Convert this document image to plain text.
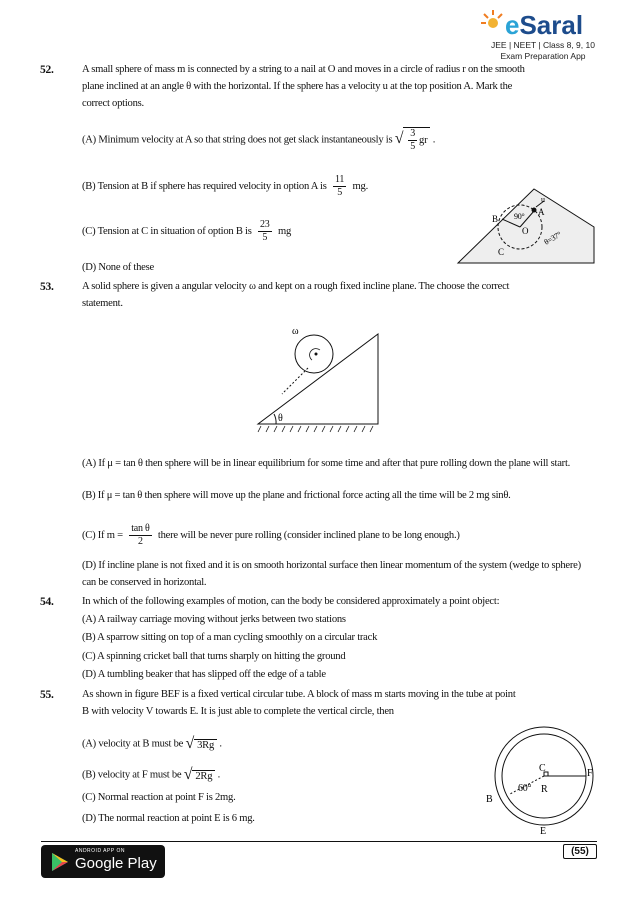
eSaral
JEE | NEET | Class 8, 9, 10
Exam Preparation App
52.	A small sphere of mass m is connected by a string to a nail at O and moves in a circle of radius r on the smooth
plane inclined at an angle θ with the horizontal. If the sphere has a velocity u at the top position A. Mark the
correct options.
(A) Minimum velocity at A so that string does not get slack instantaneously is √ $\frac{3}{5}$ gr .
(B) Tension at B if sphere has required velocity in option A is $\frac{11}{5}$ mg.
(C) Tension at C in situation of option B is $\frac{23}{5}$ mg
(D) None of these
u
A
B 90°
O
C
θ=37°
53.	A solid sphere is given a angular velocity ω and kept on a rough fixed incline plane. The choose the correct
statement.
ω
θ
(A) If μ = tan θ then sphere will be in linear equilibrium for some time and after that pure rolling down the plane will start.
(B) If μ = tan θ then sphere will move up the plane and frictional force acting all the time will be 2 mg sinθ.
(C) If $m = \frac{\text{tan θ}}{2}$ there will be never pure rolling (consider inclined plane to be long enough.)
(D) If incline plane is not fixed and it is on smooth horizontal surface then linear momentum of the system (wedge to sphere) can be conserved in horizontal.
54.	In which of the following examples of motion, can the body be considered approximately a point object:
(A) A railway carriage moving without jerks between two stations
(B) A sparrow sitting on top of a man cycling smoothly on a circular track
(C) A spinning cricket ball that turns sharply on hitting the ground
(D) A tumbling beaker that has slipped off the edge of a table
55.	As shown in figure BEF is a fixed vertical circular tube. A block of mass m starts moving in the tube at point
B with velocity V towards E. It is just able to complete the vertical circle, then
(A) velocity at B must be √ 3Rg .
(B) velocity at F must be √ 2Rg .
(C) Normal reaction at point F is 2mg.
(D) The normal reaction at point E is 6 mg.
C	F
B
E
R
60°
ANDROID APP ON
Google Play
(55)
